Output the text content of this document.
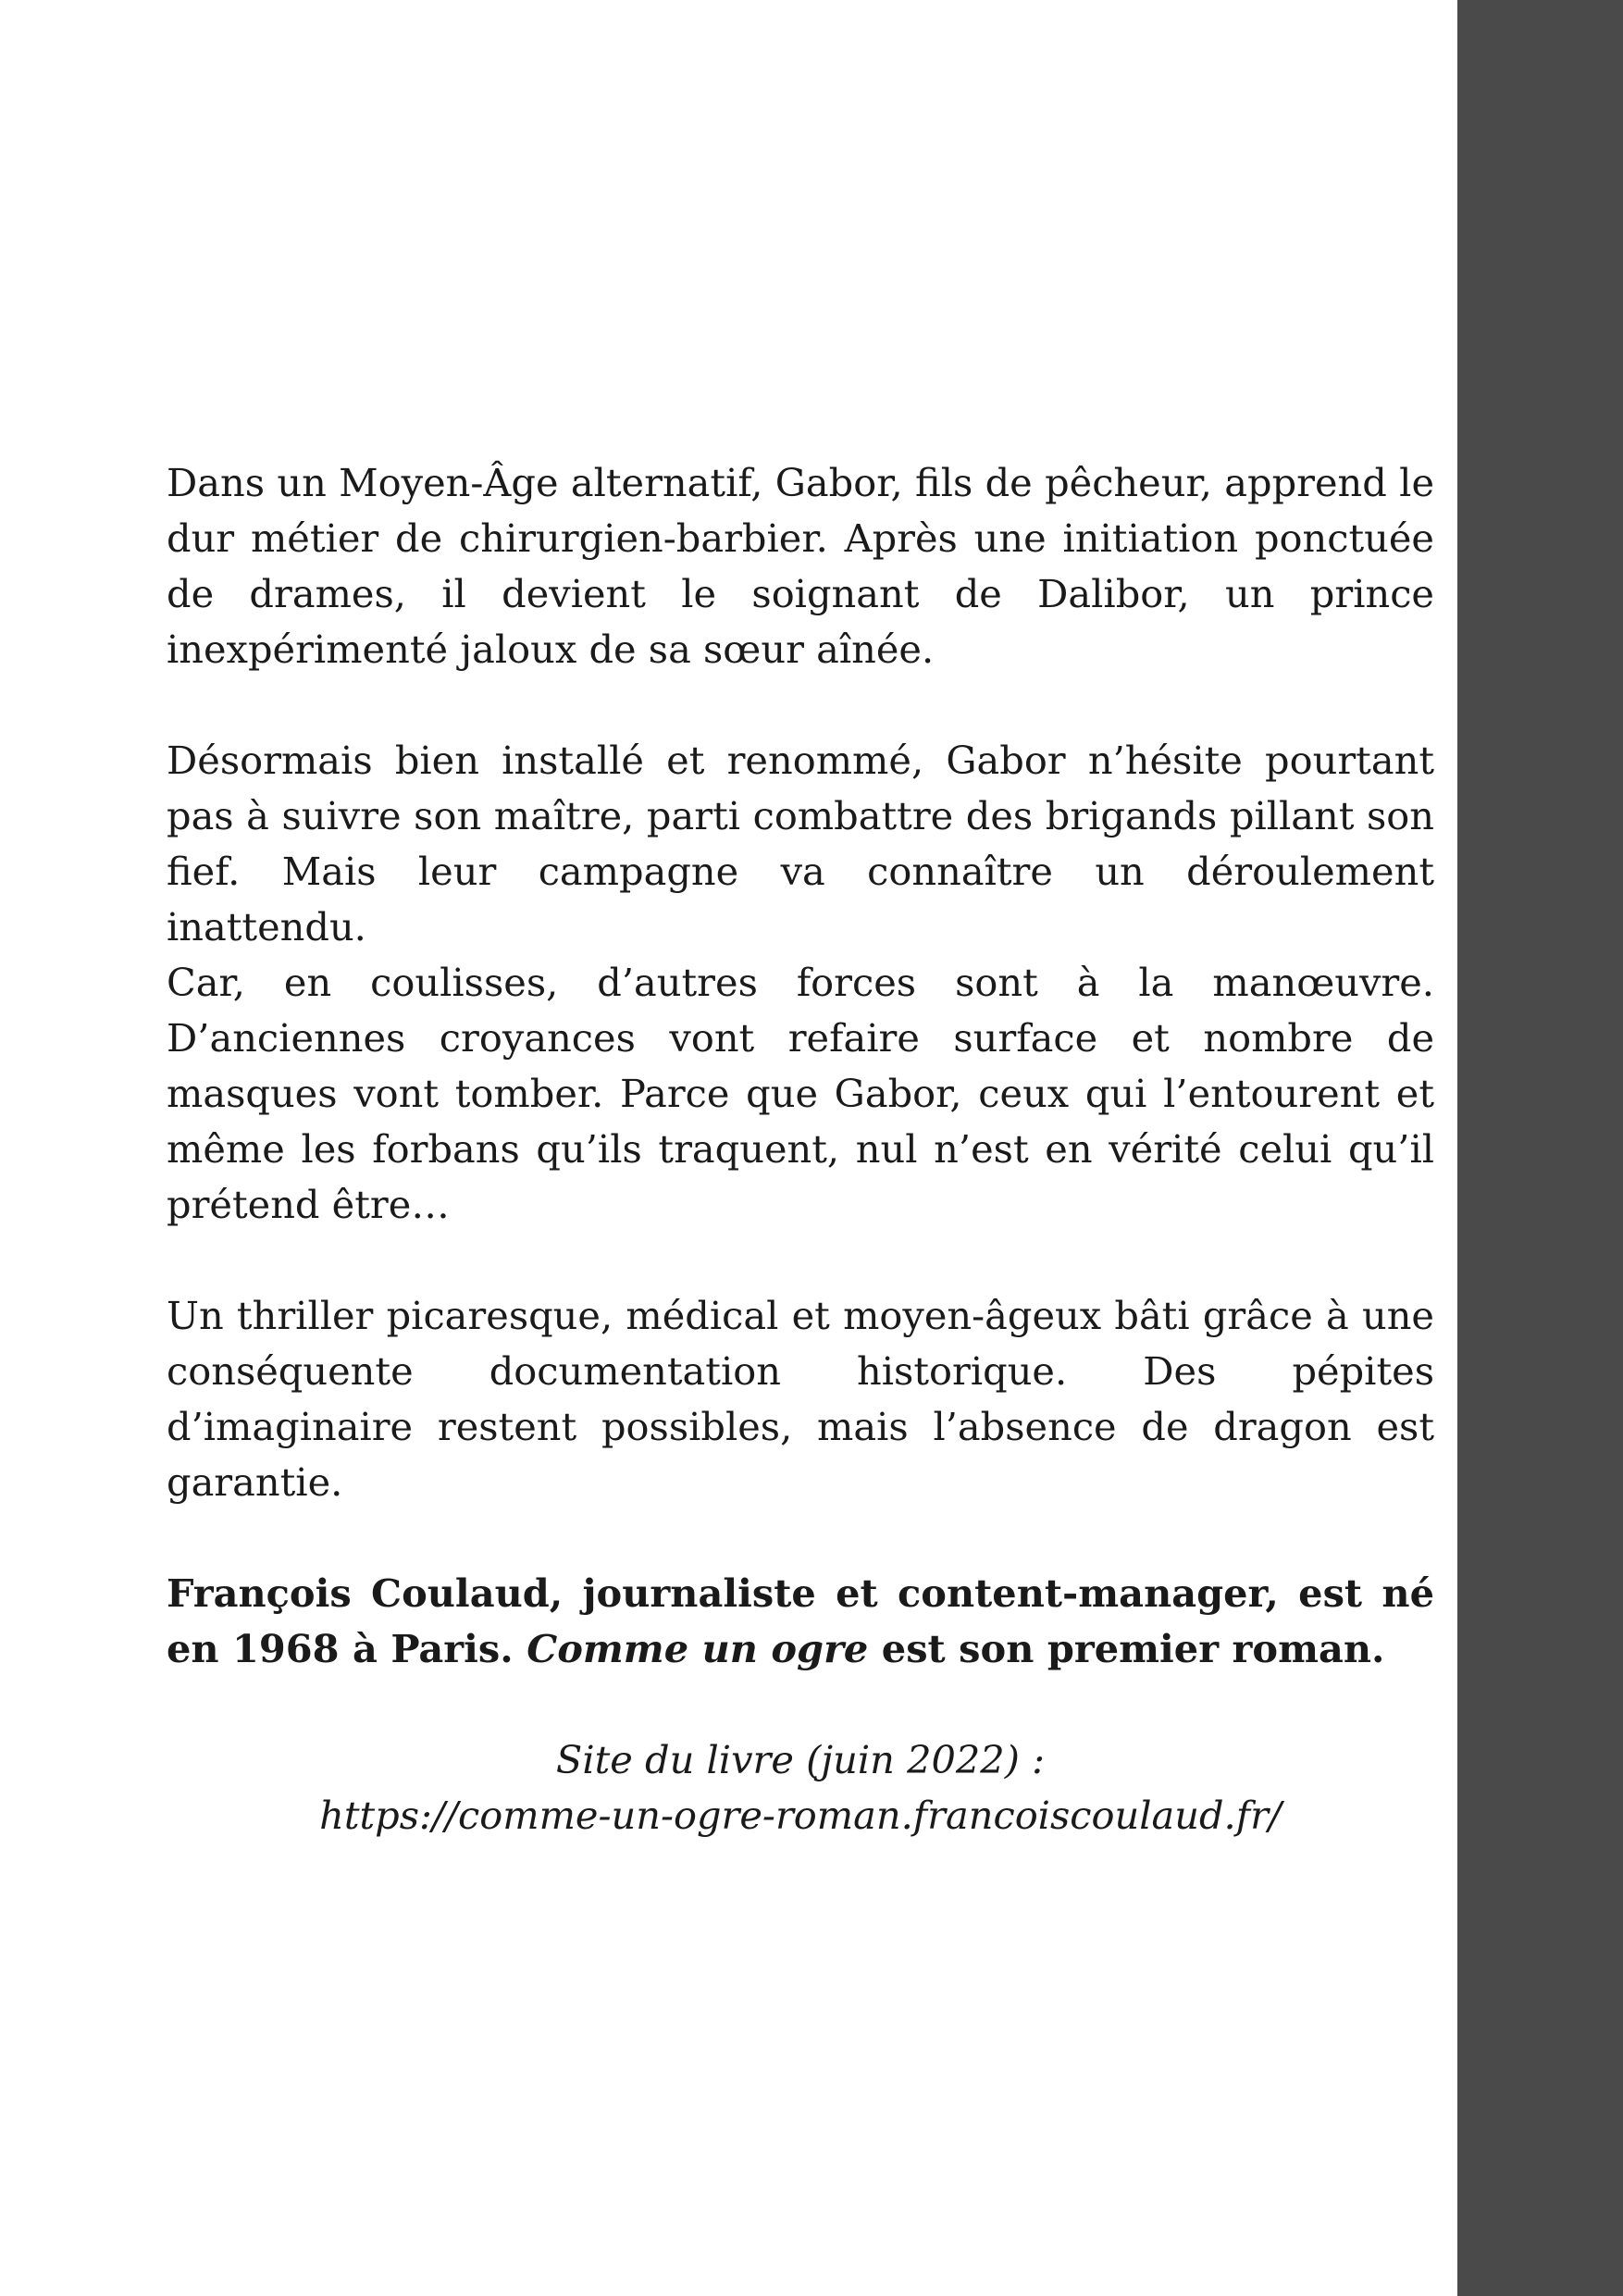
Dans un Moyen-Âge alternatif, Gabor, fils de pêcheur, apprend le dur métier de chirurgien-barbier. Après une initiation ponctuée de drames, il devient le soignant de Dalibor, un prince inexpérimenté jaloux de sa sœur aînée.

Désormais bien installé et renommé, Gabor n’hésite pourtant pas à suivre son maître, parti combattre des brigands pillant son fief. Mais leur campagne va connaître un déroulement inattendu.

Car, en coulisses, d’autres forces sont à la manœuvre. D’anciennes croyances vont refaire surface et nombre de masques vont tomber. Parce que Gabor, ceux qui l’entourent et même les forbans qu’ils traquent, nul n’est en vérité celui qu’il prétend être…

Un thriller picaresque, médical et moyen-âgeux bâti grâce à une conséquente documentation historique. Des pépites d’imaginaire restent possibles, mais l’absence de dragon est garantie.

François Coulaud, journaliste et content-manager, est né en 1968 à Paris. Comme un ogre est son premier roman.

Site du livre (juin 2022) :
https://comme-un-ogre-roman.francoiscoulaud.fr/
